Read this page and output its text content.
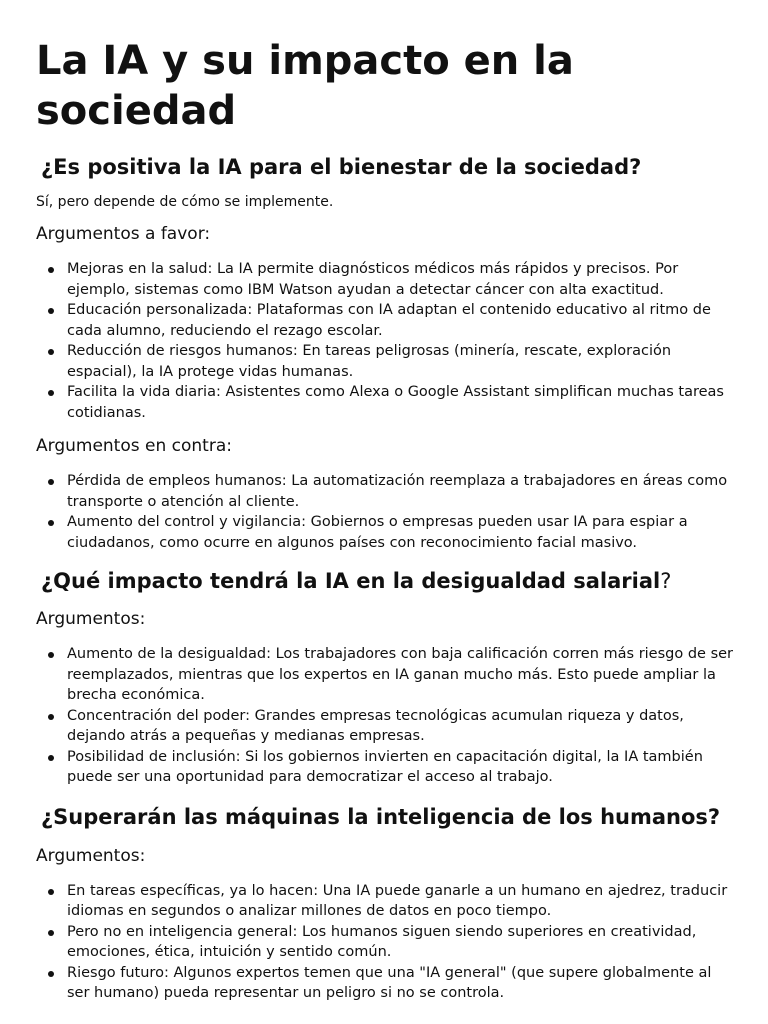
La IA y su impacto en la sociedad
¿Es positiva la IA para el bienestar de la sociedad?

Sí, pero depende de cómo se implemente.

Argumentos a favor:

Mejoras en la salud: La IA permite diagnósticos médicos más rápidos y precisos. Por ejemplo, sistemas como IBM Watson ayudan a detectar cáncer con alta exactitud.
Educación personalizada: Plataformas con IA adaptan el contenido educativo al ritmo de cada alumno, reduciendo el rezago escolar.
Reducción de riesgos humanos: En tareas peligrosas (minería, rescate, exploración espacial), la IA protege vidas humanas.
Facilita la vida diaria: Asistentes como Alexa o Google Assistant simplifican muchas tareas cotidianas.

Argumentos en contra:

Pérdida de empleos humanos: La automatización reemplaza a trabajadores en áreas como transporte o atención al cliente.
Aumento del control y vigilancia: Gobiernos o empresas pueden usar IA para espiar a ciudadanos, como ocurre en algunos países con reconocimiento facial masivo.
¿Qué impacto tendrá la IA en la desigualdad salarial?

Argumentos:

Aumento de la desigualdad: Los trabajadores con baja calificación corren más riesgo de ser reemplazados, mientras que los expertos en IA ganan mucho más. Esto puede ampliar la brecha económica.
Concentración del poder: Grandes empresas tecnológicas acumulan riqueza y datos, dejando atrás a pequeñas y medianas empresas.
Posibilidad de inclusión: Si los gobiernos invierten en capacitación digital, la IA también puede ser una oportunidad para democratizar el acceso al trabajo.
¿Superarán las máquinas la inteligencia de los humanos?

Argumentos:

En tareas específicas, ya lo hacen: Una IA puede ganarle a un humano en ajedrez, traducir idiomas en segundos o analizar millones de datos en poco tiempo.
Pero no en inteligencia general: Los humanos siguen siendo superiores en creatividad, emociones, ética, intuición y sentido común.
Riesgo futuro: Algunos expertos temen que una "IA general" (que supere globalmente al ser humano) pueda representar un peligro si no se controla.
